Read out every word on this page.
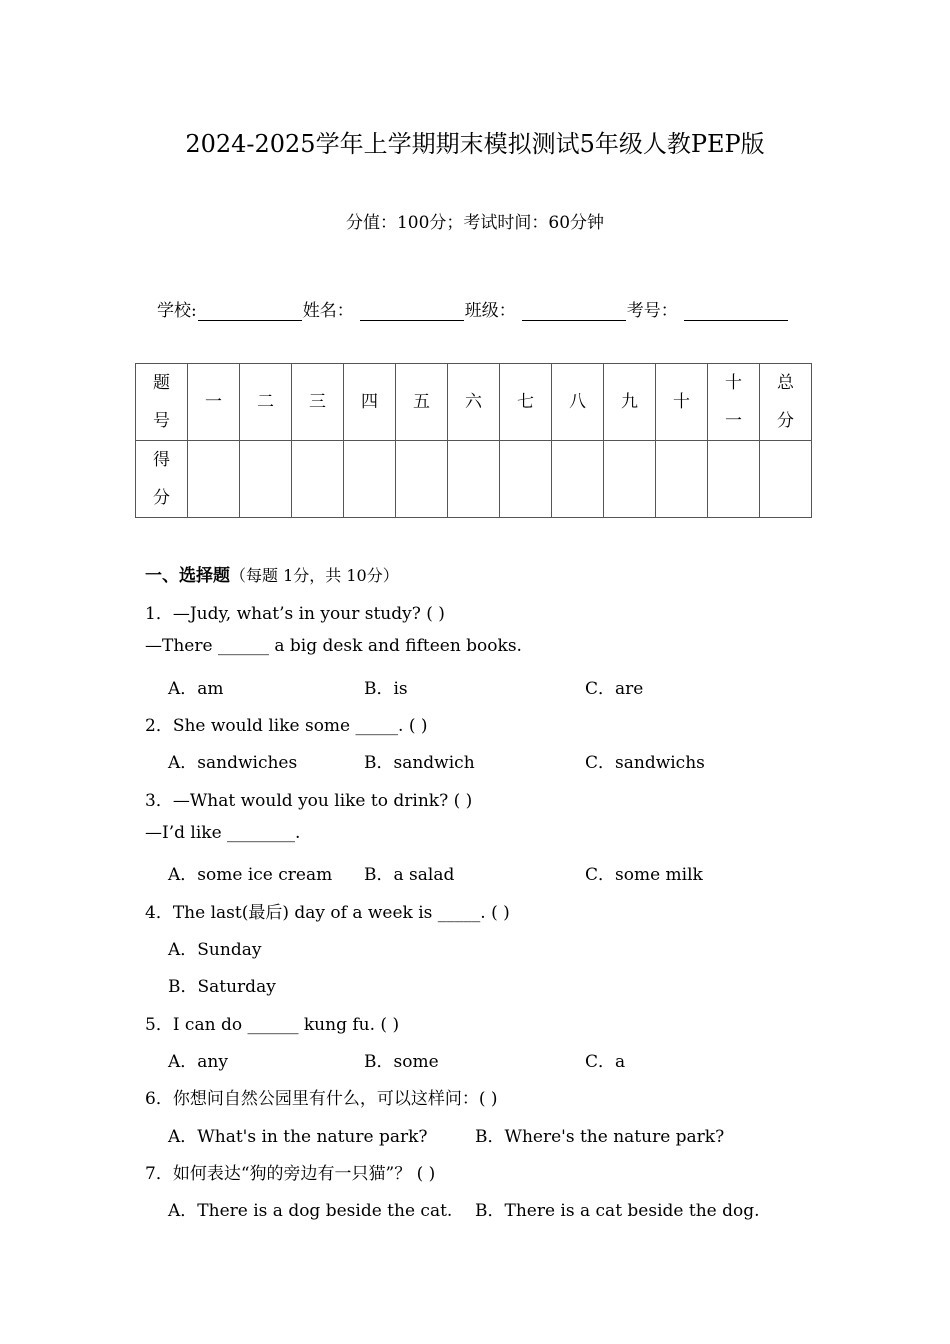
2024-2025学年上学期期末模拟测试5年级人教PEP版
分值：100分；考试时间：60分钟
学校:	姓名：	班级：	考号：
题号	一	二	三	四	五	六	七	八	九	十	十一	总分

得分												

一、选择题（每题 1分，共 10分）
1．—Judy, what’s in your study? ( )
—There ______ a big desk and fifteen books.
A．am	B．is	C．are
2．She would like some _____. ( )
A．sandwiches	B．sandwich	C．sandwichs
3．—What would you like to drink? ( )
—I’d like ________.
A．some ice cream B．a salad	C．some milk
4．The last(最后) day of a week is _____. ( )
A．Sunday
B．Saturday
5．I can do ______ kung fu. ( )
A．any	B．some	C．a
6．你想问自然公园里有什么，可以这样问：( )
A．What's in the nature park?	B．Where's the nature park?
7．如何表达“狗的旁边有一只猫”？ ( )
A．There is a dog beside the cat. B．There is a cat beside the dog.
